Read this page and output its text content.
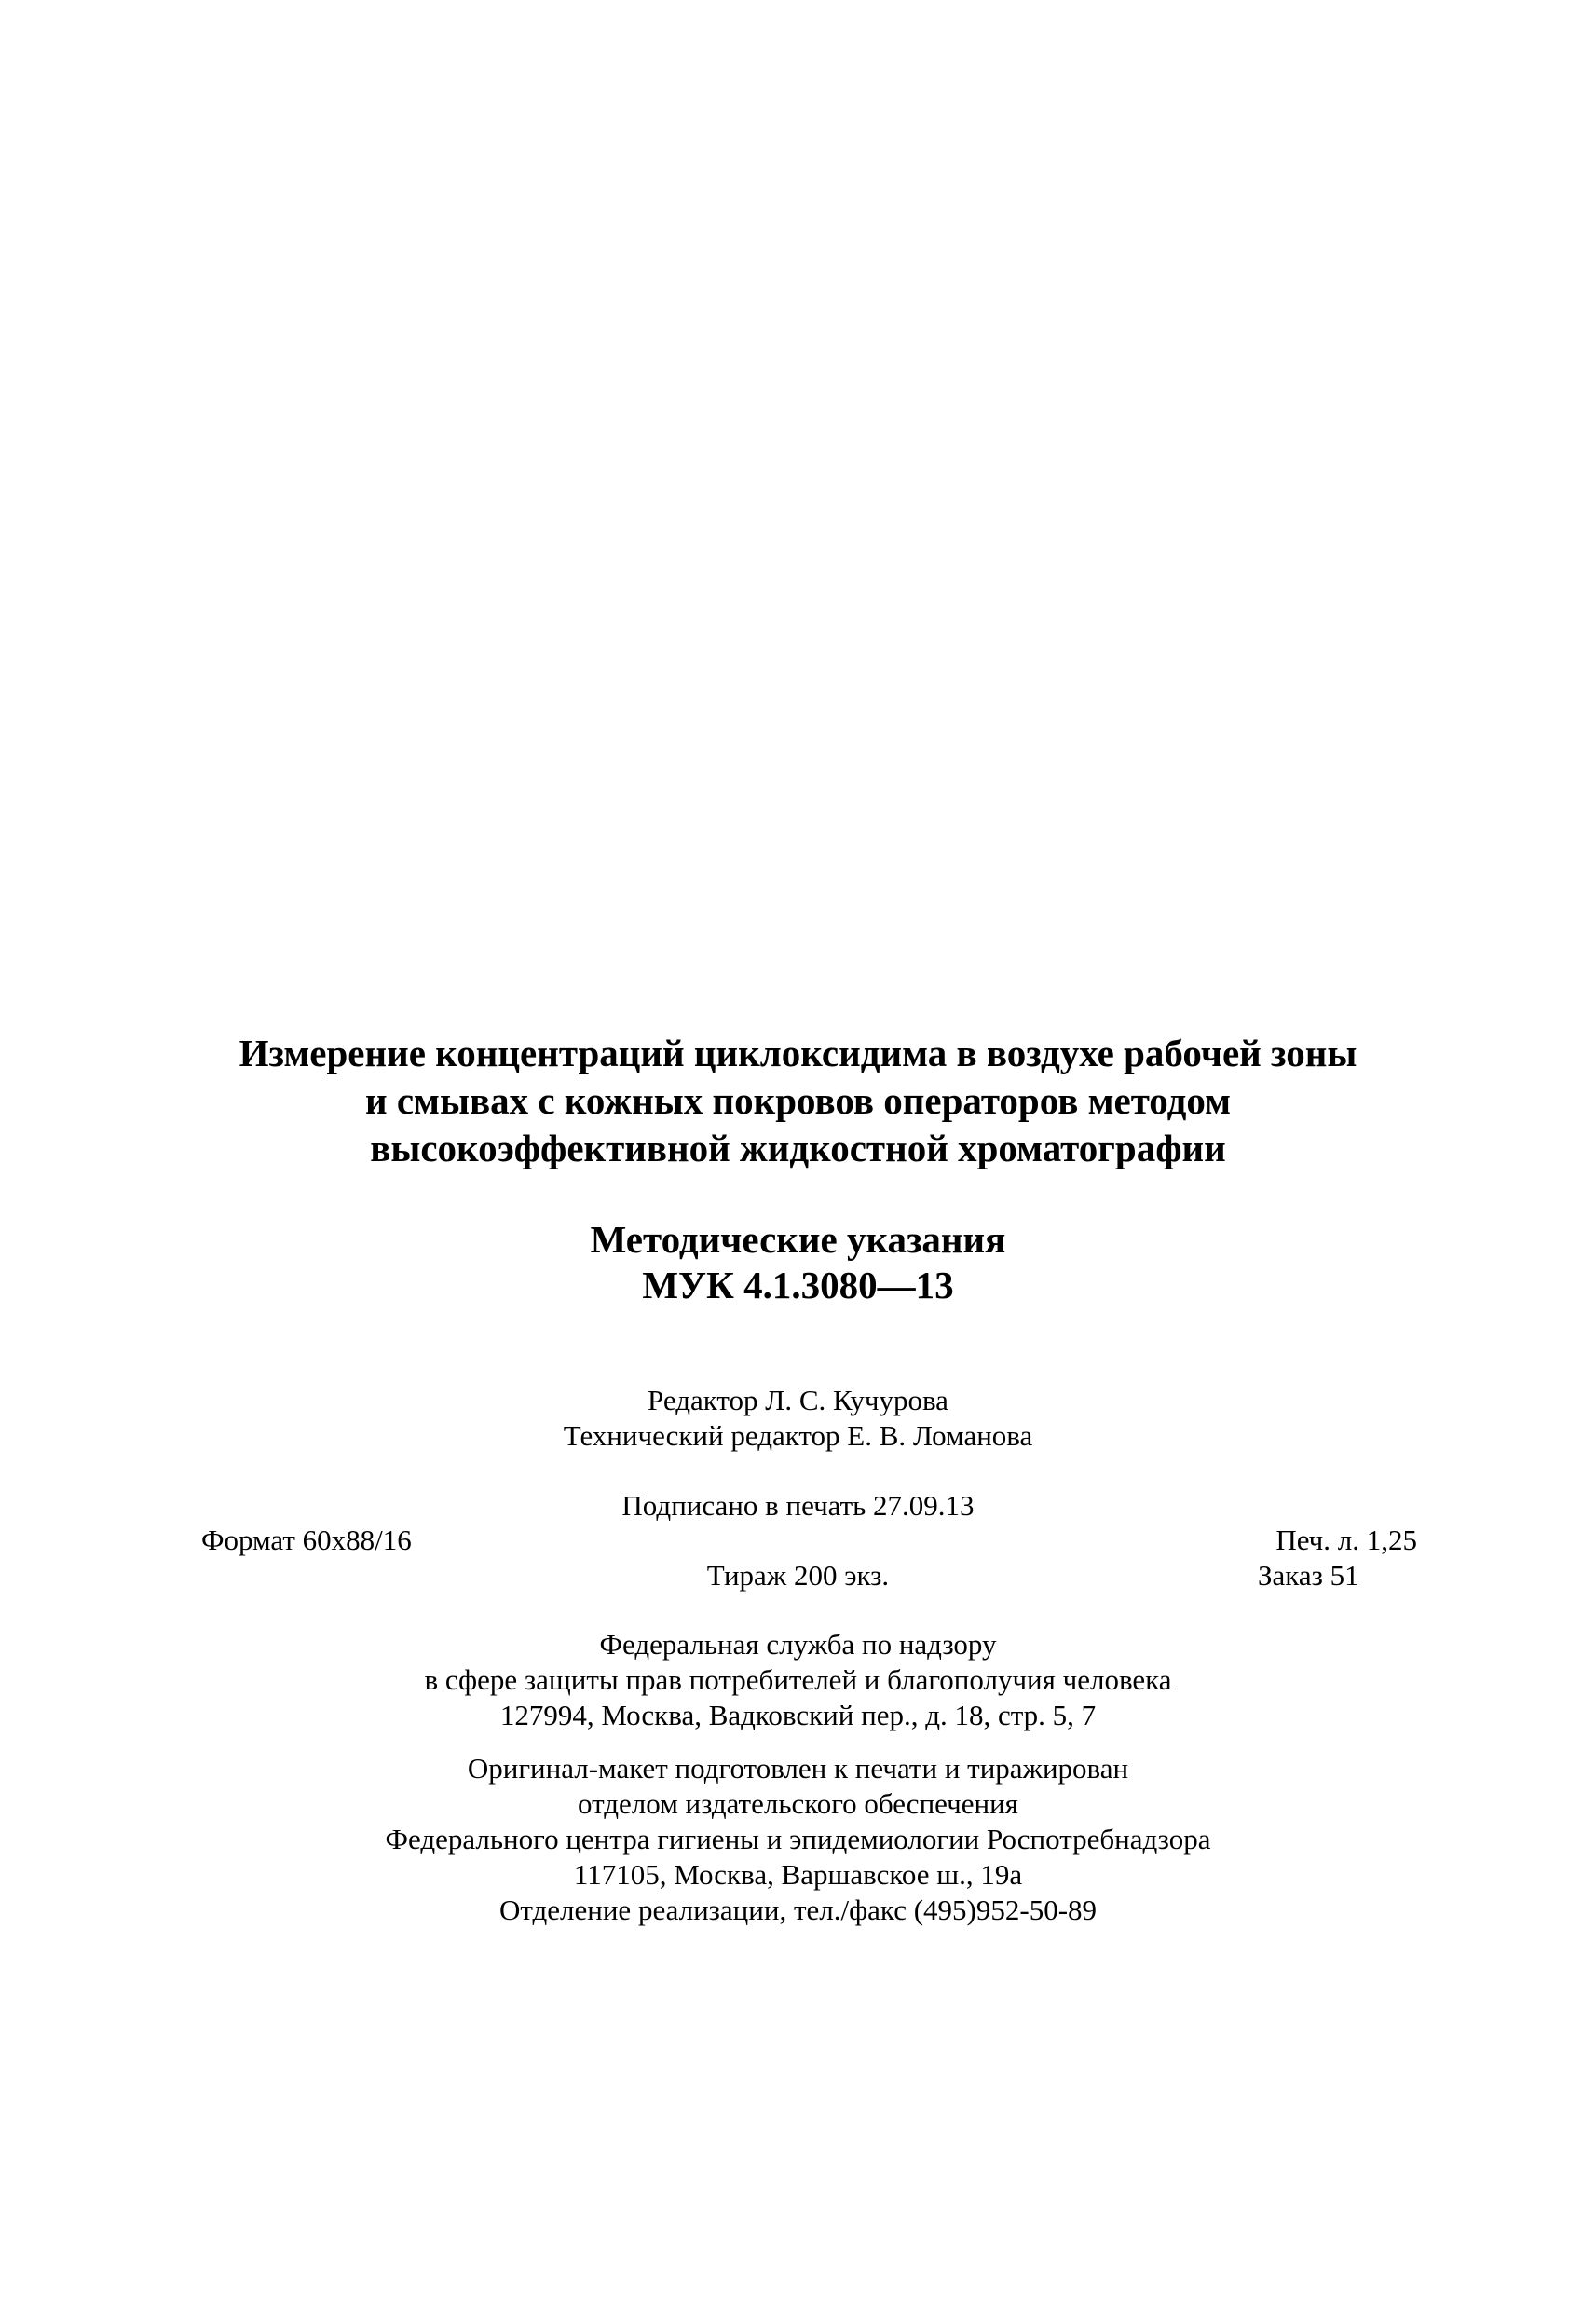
Измерение концентраций циклоксидима в воздухе рабочей зоны
и смывах с кожных покровов операторов методом
высокоэффективной жидкостной хроматографии
Методические указания
МУК 4.1.3080—13
Редактор Л. С. Кучурова
Технический редактор Е. В. Ломанова
Подписано в печать 27.09.13
Формат 60x88/16	Печ. л. 1,25
Тираж 200 экз.	Заказ 51
Федеральная служба по надзору
в сфере защиты прав потребителей и благополучия человека
127994, Москва, Вадковский пер., д. 18, стр. 5, 7
Оригинал-макет подготовлен к печати и тиражирован
отделом издательского обеспечения
Федерального центра гигиены и эпидемиологии Роспотребнадзора
117105, Москва, Варшавское ш., 19а
Отделение реализации, тел./факс (495)952-50-89
